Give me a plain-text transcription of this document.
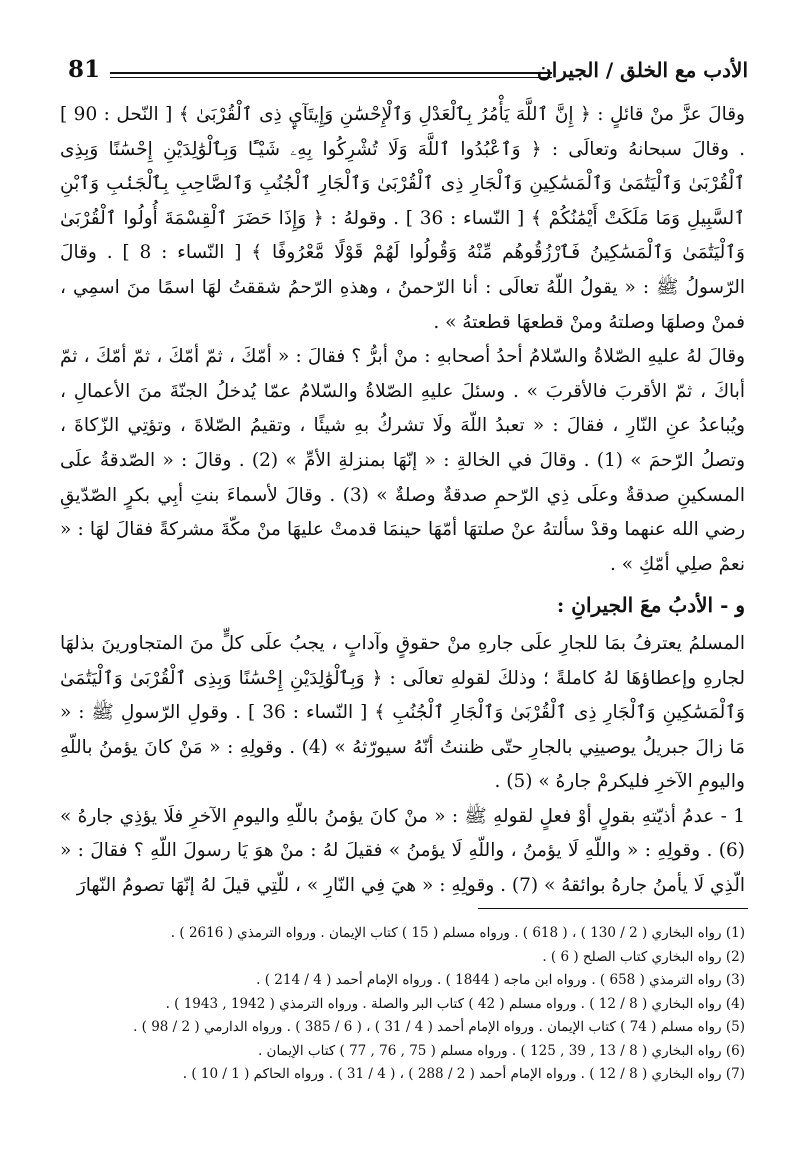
الأدب مع الخلق / الجيران
81

وقالَ عزَّ منْ قائلٍ : ﴿ إِنَّ ٱللَّهَ يَأْمُرُ بِٱلْعَدْلِ وَٱلْإِحْسَٰنِ وَإِيتَآيِٕ ذِى ٱلْقُرْبَىٰ ﴾ [ النّحل : 90 ] . وقالَ سبحانهُ وتعالَى : ﴿ وَٱعْبُدُوا ٱللَّهَ وَلَا تُشْرِكُوا بِهِۦ شَيْـًٔا وَبِٱلْوَٰلِدَيْنِ إِحْسَٰنًا وَبِذِى ٱلْقُرْبَىٰ وَٱلْيَتَٰمَىٰ وَٱلْمَسَٰكِينِ وَٱلْجَارِ ذِى ٱلْقُرْبَىٰ وَٱلْجَارِ ٱلْجُنُبِ وَٱلصَّاحِبِ بِٱلْجَنۢبِ وَٱبْنِ ٱلسَّبِيلِ وَمَا مَلَكَتْ أَيْمَٰنُكُمْ ﴾ [ النّساء : 36 ] . وقولهُ : ﴿ وَإِذَا حَضَرَ ٱلْقِسْمَةَ أُولُوا ٱلْقُرْبَىٰ وَٱلْيَتَٰمَىٰ وَٱلْمَسَٰكِينُ فَٱرْزُقُوهُم مِّنْهُ وَقُولُوا لَهُمْ قَوْلًا مَّعْرُوفًا ﴾ [ النّساء : 8 ] . وقالَ الرّسولُ ﷺ : « يقولُ اللّهُ تعالَى : أنا الرّحمنُ ، وهذهِ الرّحمُ شققتُ لهَا اسمًا منَ اسمِي ، فمنْ وصلهَا وصلتهُ ومنْ قطعهَا قطعتهُ » .

وقالَ لهُ عليهِ الصّلاةُ والسّلامُ أحدُ أصحابهِ : منْ أبرُّ ؟ فقالَ : « أمّكَ ، ثمّ أمّكَ ، ثمّ أمّكَ ، ثمّ أباكَ ، ثمّ الأقربَ فالأقربَ » . وسئلَ عليهِ الصّلاةُ والسّلامُ عمّا يُدخلُ الجنّةَ منَ الأعمالِ ، ويُباعدُ عنِ النّارِ ، فقالَ : « تعبدُ اللّهَ ولَا تشركُ بهِ شيئًا ، وتقيمُ الصّلاةَ ، وتؤتِي الزّكاةَ ، وتصلُ الرّحمَ » (1) . وقالَ في الخالةِ : « إنّهَا بمنزلةِ الأمِّ » (2) . وقالَ : « الصّدقةُ علَى المسكينِ صدقةٌ وعلَى ذِي الرّحمِ صدقةٌ وصلةٌ » (3) . وقالَ لأسماءَ بنتِ أبِي بكرٍ الصّدّيقِ رضي الله عنهما وقدْ سألتهُ عنْ صلتهَا أمّهَا حينمَا قدمتْ عليهَا منْ مكّةَ مشركةً فقالَ لهَا : « نعمْ صلِي أمّكِ » .

و - الأدبُ معَ الجيرانِ :

المسلمُ يعترفُ بمَا للجارِ علَى جارهِ منْ حقوقٍ وآدابٍ ، يجبُ علَى كلٍّ منَ المتجاورينَ بذلهَا لجارهِ وإعطاؤهَا لهُ كاملةً ؛ وذلكَ لقولهِ تعالَى : ﴿ وَبِٱلْوَٰلِدَيْنِ إِحْسَٰنًا وَبِذِى ٱلْقُرْبَىٰ وَٱلْيَتَٰمَىٰ وَٱلْمَسَٰكِينِ وَٱلْجَارِ ذِى ٱلْقُرْبَىٰ وَٱلْجَارِ ٱلْجُنُبِ ﴾ [ النّساء : 36 ] . وقولِ الرّسولِ ﷺ : « مَا زالَ جبريلُ يوصينِي بالجارِ حتّى ظننتُ أنّهُ سيورّثهُ » (4) . وقولِهِ : « مَنْ كانَ يؤمنُ باللّهِ واليومِ الآخرِ فليكرمْ جارهُ » (5) .

1 - عدمُ أذيّتهِ بقولٍ أوْ فعلٍ لقولهِ ﷺ : « منْ كانَ يؤمنُ باللّهِ واليومِ الآخرِ فلَا يؤذِي جارهُ » (6) . وقولِهِ : « واللّهِ لَا يؤمنُ ، واللّهِ لَا يؤمنُ » فقيلَ لهُ : منْ هوَ يَا رسولَ اللّهِ ؟ فقالَ : « الّذِي لَا يأمنُ جارهُ بوائقهُ » (7) . وقولِهِ : « هيَ فِي النّارِ » ، للّتِي قيلَ لهُ إنّهَا تصومُ النّهارَ

(1) رواه البخاري ( 2 / 130 ) ، ( 618 ) . ورواه مسلم ( 15 ) كتاب الإيمان . ورواه الترمذي ( 2616 ) .

(2) رواه البخاري كتاب الصلح ( 6 ) .

(3) رواه الترمذي ( 658 ) . ورواه ابن ماجه ( 1844 ) . ورواه الإمام أحمد ( 4 / 214 ) .

(4) رواه البخاري ( 8 / 12 ) . ورواه مسلم ( 42 ) كتاب البر والصلة . ورواه الترمذي ( 1942 , 1943 ) .

(5) رواه مسلم ( 74 ) كتاب الإيمان . ورواه الإمام أحمد ( 4 / 31 ) ، ( 6 / 385 ) . ورواه الدارمي ( 2 / 98 ) .

(6) رواه البخاري ( 8 / 13 , 39 , 125 ) . ورواه مسلم ( 75 , 76 , 77 ) كتاب الإيمان .

(7) رواه البخاري ( 8 / 12 ) . ورواه الإمام أحمد ( 2 / 288 ) ، ( 4 / 31 ) . ورواه الحاكم ( 1 / 10 ) .
